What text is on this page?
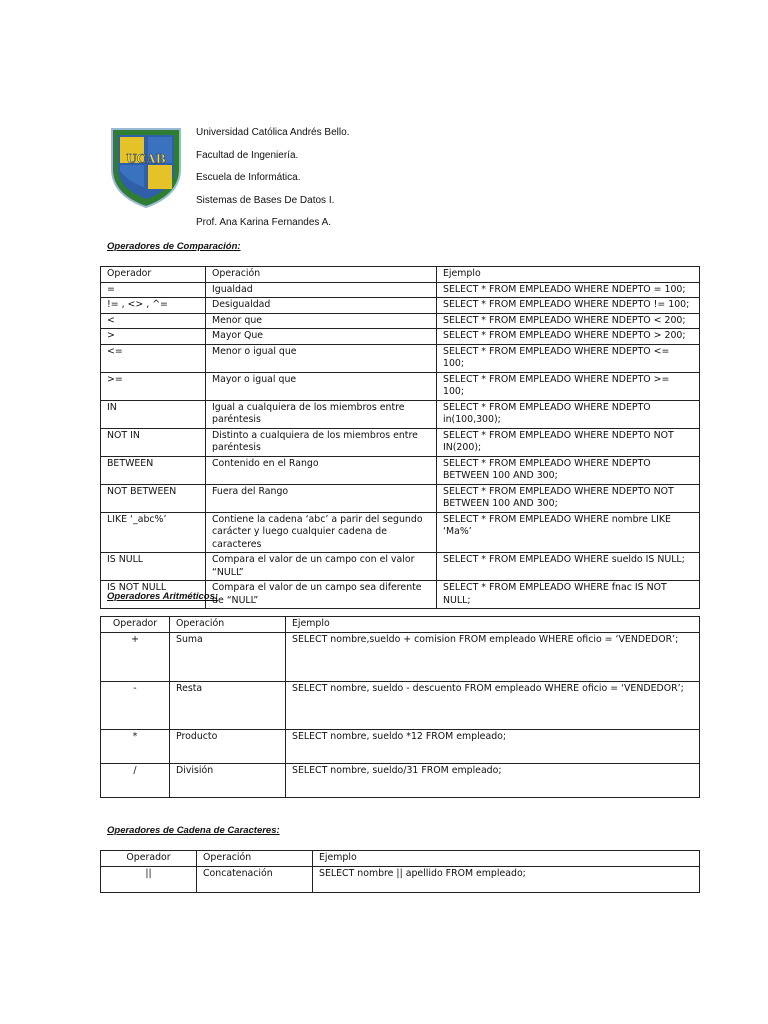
UCAB
Universidad Católica Andrés Bello.
Facultad de Ingeniería.
Escuela de Informática.
Sistemas de Bases De Datos I.
Prof. Ana Karina Fernandes A.
Operadores de Comparación:
Operador	Operación	Ejemplo
=	Igualdad	SELECT * FROM EMPLEADO WHERE NDEPTO = 100;
!= , <> , ^=	Desigualdad	SELECT * FROM EMPLEADO WHERE NDEPTO != 100;
<	Menor que	SELECT * FROM EMPLEADO WHERE NDEPTO < 200;
>	Mayor Que	SELECT * FROM EMPLEADO WHERE NDEPTO > 200;
<=	Menor o igual que	SELECT * FROM EMPLEADO WHERE NDEPTO <= 100;
>=	Mayor o igual que	SELECT * FROM EMPLEADO WHERE NDEPTO >= 100;
IN	Igual a cualquiera de los miembros entre paréntesis	SELECT * FROM EMPLEADO WHERE NDEPTO in(100,300);
NOT IN	Distinto a cualquiera de los miembros entre paréntesis	SELECT * FROM EMPLEADO WHERE NDEPTO NOT IN(200);
BETWEEN	Contenido en el Rango	SELECT * FROM EMPLEADO WHERE NDEPTO BETWEEN 100 AND 300;
NOT BETWEEN	Fuera del Rango	SELECT * FROM EMPLEADO WHERE NDEPTO NOT BETWEEN 100 AND 300;
LIKE ‘_abc%’	Contiene la cadena ‘abc’ a parir del segundo carácter y luego cualquier cadena de caracteres	SELECT * FROM EMPLEADO WHERE nombre LIKE ‘Ma%’
IS NULL	Compara el valor de un campo con el valor “NULL”	SELECT * FROM EMPLEADO WHERE sueldo IS NULL;
IS NOT NULL	Compara el valor de un campo sea diferente de “NULL”	SELECT * FROM EMPLEADO WHERE fnac IS NOT NULL;
Operadores Aritméticos:
Operador	Operación	Ejemplo
+	Suma	SELECT nombre,sueldo + comision FROM empleado WHERE oficio = ‘VENDEDOR’;
-	Resta	SELECT nombre, sueldo - descuento FROM empleado WHERE oficio = ‘VENDEDOR’;
*	Producto	SELECT nombre, sueldo *12 FROM empleado;
/	División	SELECT nombre, sueldo/31 FROM empleado;
Operadores de Cadena de Caracteres:
Operador	Operación	Ejemplo
||	Concatenación	SELECT nombre || apellido FROM empleado;
